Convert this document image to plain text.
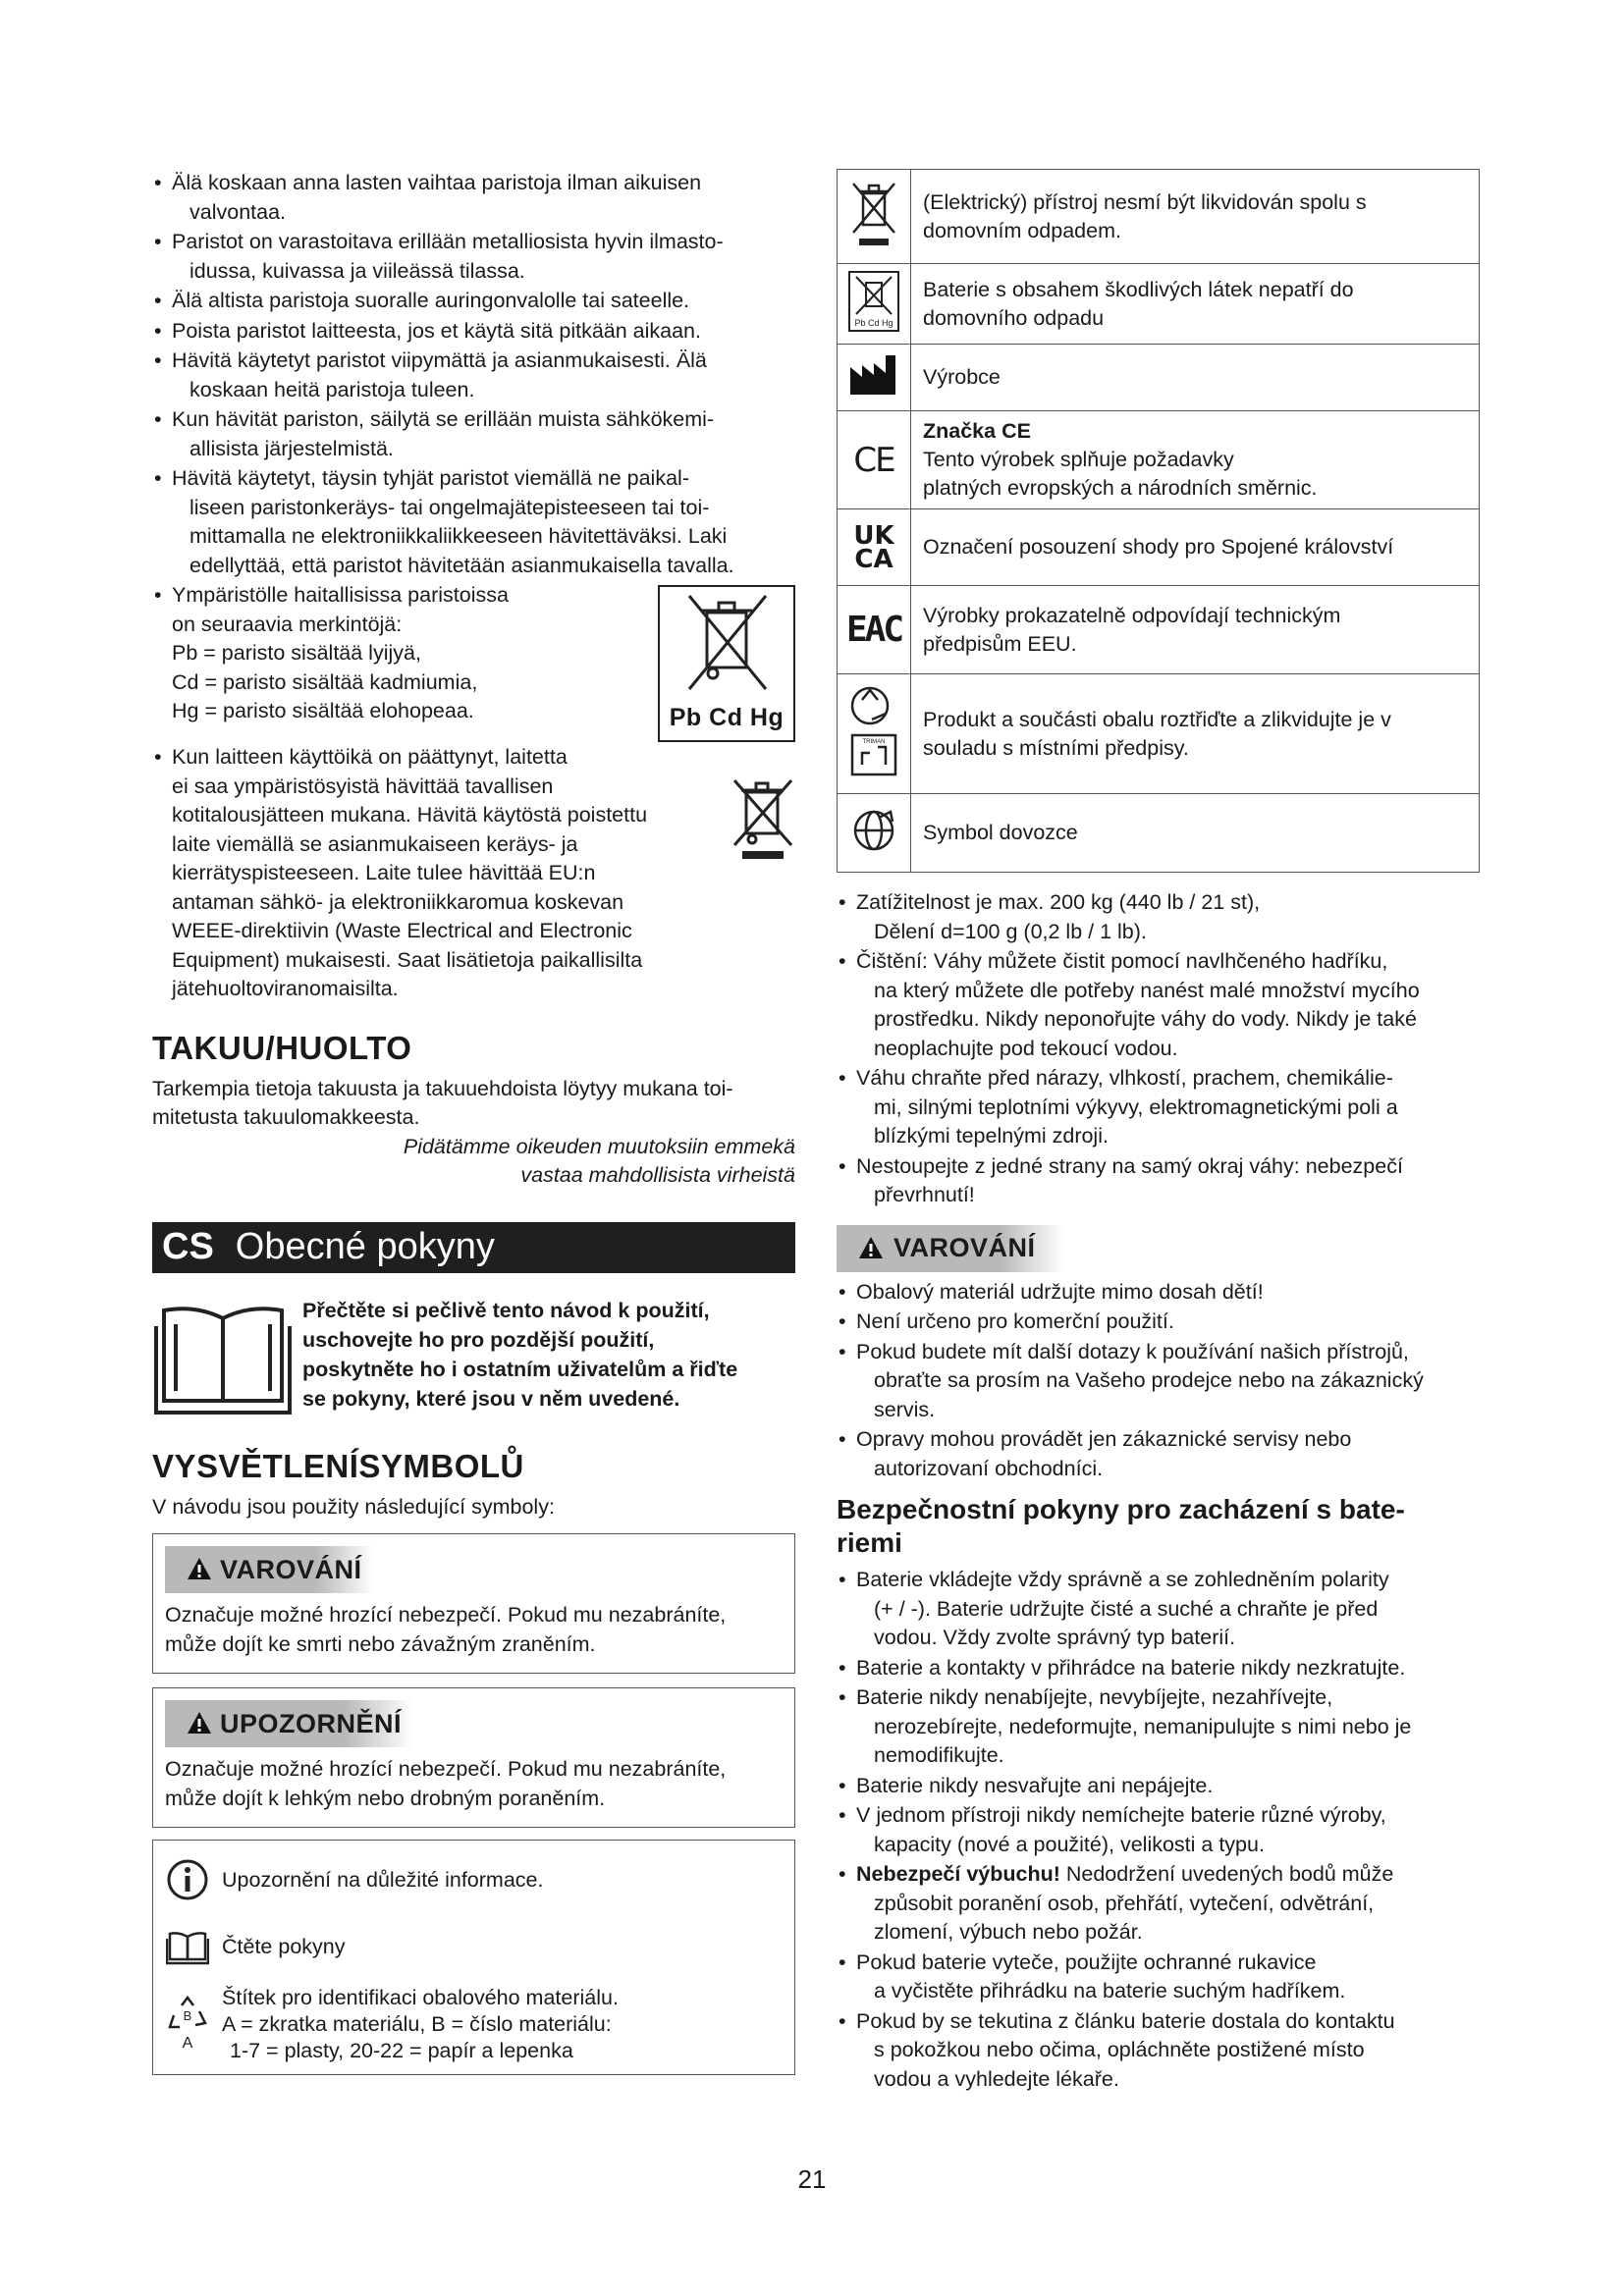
• Älä koskaan anna lasten vaihtaa paristoja ilman aikuisen
valvontaa.
• Paristot on varastoitava erillään metalliosista hyvin ilmasto-
idussa, kuivassa ja viileässä tilassa.
• Älä altista paristoja suoralle auringonvalolle tai sateelle.
• Poista paristot laitteesta, jos et käytä sitä pitkään aikaan.
• Hävitä käytetyt paristot viipymättä ja asianmukaisesti. Älä
koskaan heitä paristoja tuleen.
• Kun hävität pariston, säilytä se erillään muista sähkökemi-
allisista järjestelmistä.
• Hävitä käytetyt, täysin tyhjät paristot viemällä ne paikal-
liseen paristonkeräys- tai ongelmajätepisteeseen tai toi-
mittamalla ne elektroniikkaliikkeeseen hävitettäväksi. Laki
edellyttää, että paristot hävitetään asianmukaisella tavalla.
• Ympäristölle haitallisissa paristoissa
on seuraavia merkintöjä:
Pb = paristo sisältää lyijyä,
Cd = paristo sisältää kadmiumia,
Hg = paristo sisältää elohopeaa.	Pb Cd Hg
• Kun laitteen käyttöikä on päättynyt, laitetta
ei saa ympäristösyistä hävittää tavallisen
kotitalousjätteen mukana. Hävitä käytöstä poistettu
laite viemällä se asianmukaiseen keräys- ja
kierrätyspisteeseen. Laite tulee hävittää EU:n
antaman sähkö- ja elektroniikkaromua koskevan
WEEE-direktiivin (Waste Electrical and Electronic
Equipment) mukaisesti. Saat lisätietoja paikallisilta
jätehuoltoviranomaisilta.
TAKUU/HUOLTO

Tarkempia tietoja takuusta ja takuuehdoista löytyy mukana toi-
mitetusta takuulomakkeesta.

Pidätämme oikeuden muutoksiin emmekä
vastaa mahdollisista virheistä

CS Obecné pokyny
Přečtěte si pečlivě tento návod k použití,
uschovejte ho pro pozdější použití,
poskytněte ho i ostatním uživatelům a řiďte
se pokyny, které jsou v něm uvedené.
VYSVĚTLENÍSYMBOLŮ

V návodu jsou použity následující symboly:

VAROVÁNÍ

Označuje možné hrozící nebezpečí. Pokud mu nezabráníte,
může dojít ke smrti nebo závažným zraněním.

UPOZORNĚNÍ

Označuje možné hrozící nebezpečí. Pokud mu nezabráníte,
může dojít k lehkým nebo drobným poraněním.

Upozornění na důležité informace.
Čtěte pokyny
B
A
Štítek pro identifikaci obalového materiálu.
A = zkratka materiálu, B = číslo materiálu:
1-7 = plasty, 20-22 = papír a lepenka
	(Elektrický) přístroj nesmí být likvidován spolu s
domovním odpadem.

Pb Cd Hg	Baterie s obsahem škodlivých látek nepatří do
domovního odpadu
	Výrobce
CE	Značka CE
Tento výrobek splňuje požadavky
platných evropských a národních směrnic.

UK
CA	Označení posouzení shody pro Spojené království
EAC	Výrobky prokazatelně odpovídají technickým
předpisům EEU.

TRIMAN	Produkt a součásti obalu roztřiďte a zlikvidujte je v
souladu s místními předpisy.
	Symbol dovozce
• Zatížitelnost je max. 200 kg (440 lb / 21 st),
Dělení d=100 g (0,2 lb / 1 lb).
• Čištění: Váhy můžete čistit pomocí navlhčeného hadříku,
na který můžete dle potřeby nanést malé množství mycího
prostředku. Nikdy neponořujte váhy do vody. Nikdy je také
neoplachujte pod tekoucí vodou.
• Váhu chraňte před nárazy, vlhkostí, prachem, chemikálie-
mi, silnými teplotními výkyvy, elektromagnetickými poli a
blízkými tepelnými zdroji.
• Nestoupejte z jedné strany na samý okraj váhy: nebezpečí
převrhnutí!
VAROVÁNÍ
• Obalový materiál udržujte mimo dosah dětí!
• Není určeno pro komerční použití.
• Pokud budete mít další dotazy k používání našich přístrojů,
obraťte sa prosím na Vašeho prodejce nebo na zákaznický
servis.
• Opravy mohou provádět jen zákaznické servisy nebo
autorizovaní obchodníci.
Bezpečnostní pokyny pro zacházení s bate-
riemi
• Baterie vkládejte vždy správně a se zohledněním polarity
(+ / -). Baterie udržujte čisté a suché a chraňte je před
vodou. Vždy zvolte správný typ baterií.
• Baterie a kontakty v přihrádce na baterie nikdy nezkratujte.
• Baterie nikdy nenabíjejte, nevybíjejte, nezahřívejte,
nerozebírejte, nedeformujte, nemanipulujte s nimi nebo je
nemodifikujte.
• Baterie nikdy nesvařujte ani nepájejte.
• V jednom přístroji nikdy nemíchejte baterie různé výroby,
kapacity (nové a použité), velikosti a typu.
• Nebezpečí výbuchu! Nedodržení uvedených bodů může
způsobit poranění osob, přehřátí, vytečení, odvětrání,
zlomení, výbuch nebo požár.
• Pokud baterie vyteče, použijte ochranné rukavice
a vyčistěte přihrádku na baterie suchým hadříkem.
• Pokud by se tekutina z článku baterie dostala do kontaktu
s pokožkou nebo očima, opláchněte postižené místo
vodou a vyhledejte lékaře.
21
